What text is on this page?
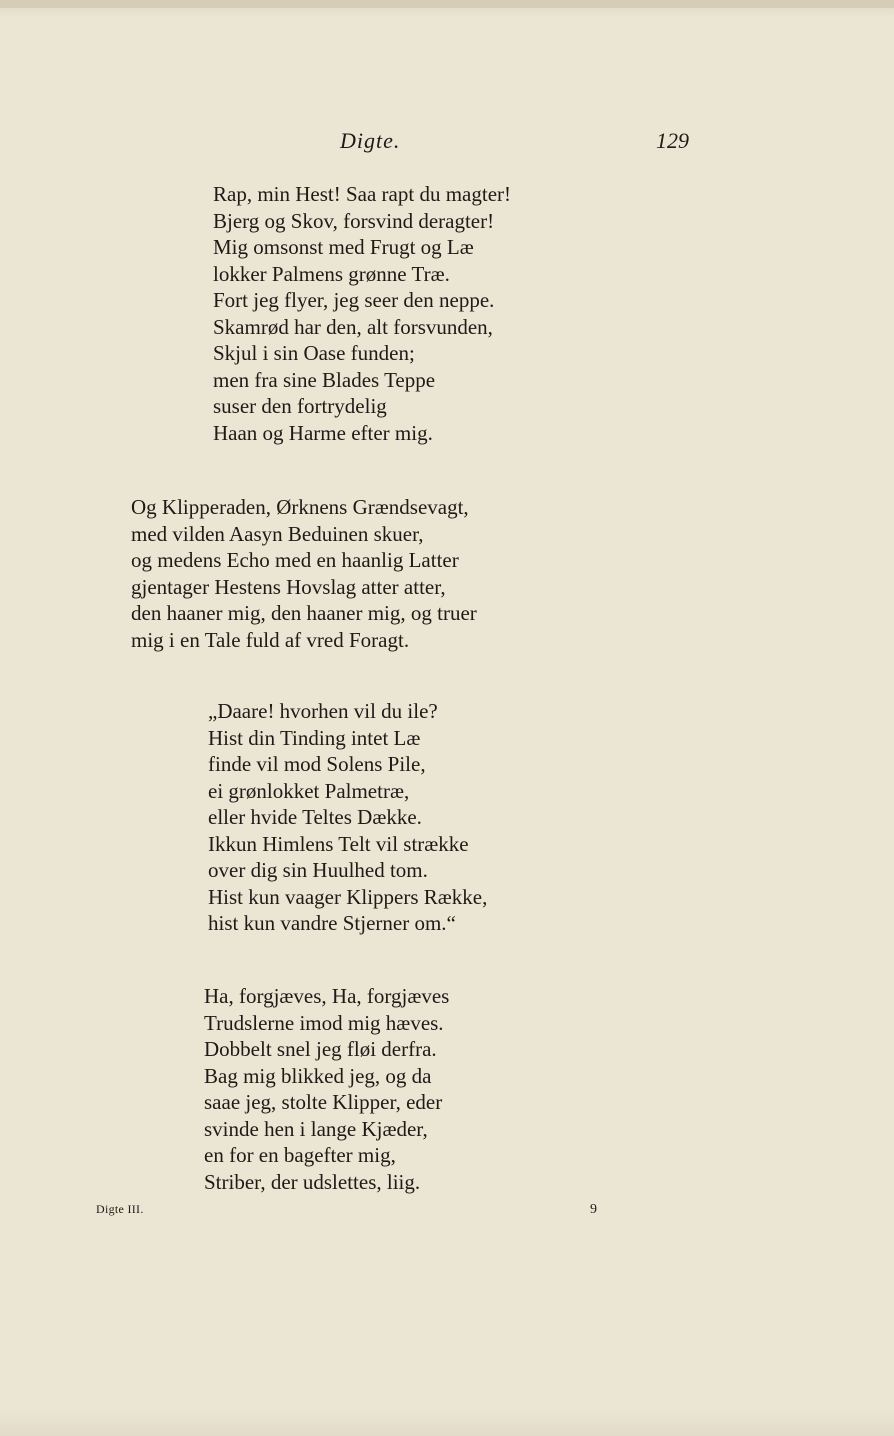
Digte.	129
Rap, min Hest! Saa rapt du magter!
Bjerg og Skov, forsvind deragter!
Mig omsonst med Frugt og Læ
lokker Palmens grønne Træ.
Fort jeg flyer, jeg seer den neppe.
Skamrød har den, alt forsvunden,
Skjul i sin Oase funden;
men fra sine Blades Teppe
suser den fortrydelig
Haan og Harme efter mig.
Og Klipperaden, Ørknens Grændsevagt,
med vilden Aasyn Beduinen skuer,
og medens Echo med en haanlig Latter
gjentager Hestens Hovslag atter atter,
den haaner mig, den haaner mig, og truer
mig i en Tale fuld af vred Foragt.
„Daare! hvorhen vil du ile?
Hist din Tinding intet Læ
finde vil mod Solens Pile,
ei grønlokket Palmetræ,
eller hvide Teltes Dække.
Ikkun Himlens Telt vil strække
over dig sin Huulhed tom.
Hist kun vaager Klippers Række,
hist kun vandre Stjerner om.“
Ha, forgjæves, Ha, forgjæves
Trudslerne imod mig hæves.
Dobbelt snel jeg fløi derfra.
Bag mig blikked jeg, og da
saae jeg, stolte Klipper, eder
svinde hen i lange Kjæder,
en for en bagefter mig,
Striber, der udslettes, liig.
Digte III.	9
